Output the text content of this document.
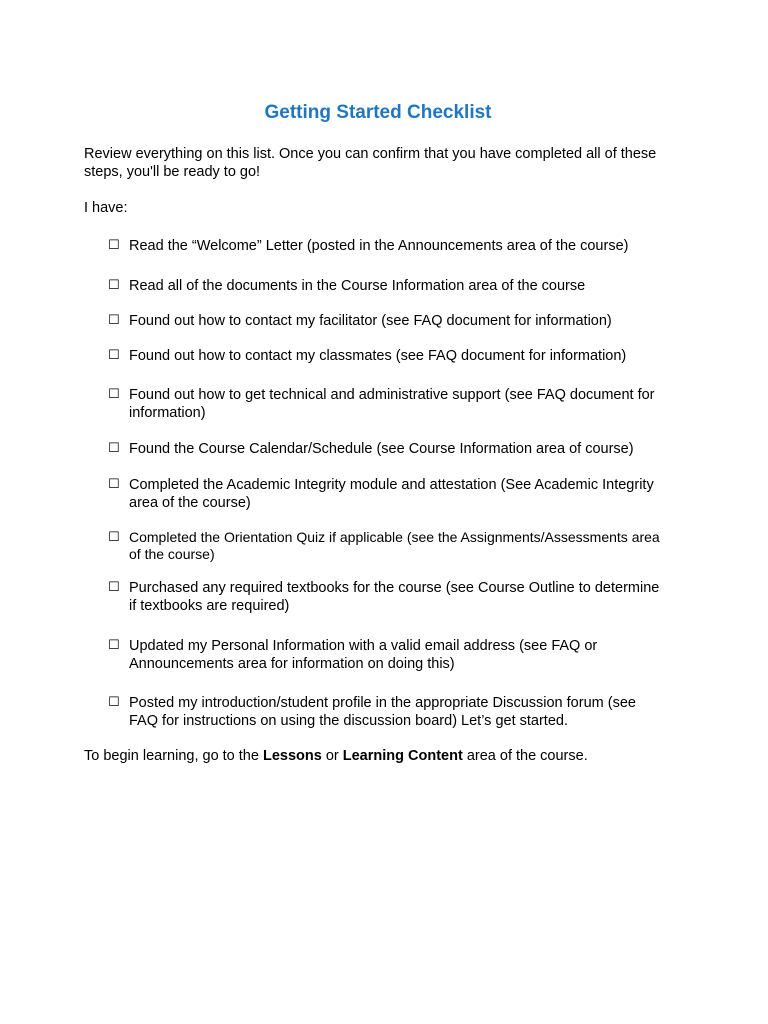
Getting Started Checklist

Review everything on this list. Once you can confirm that you have completed all of these steps, you'll be ready to go!

I have:

☐ Read the “Welcome” Letter (posted in the Announcements area of the course)
☐ Read all of the documents in the Course Information area of the course
☐ Found out how to contact my facilitator (see FAQ document for information)
☐ Found out how to contact my classmates (see FAQ document for information)
☐ Found out how to get technical and administrative support (see FAQ document for information)
☐ Found the Course Calendar/Schedule (see Course Information area of course)
☐ Completed the Academic Integrity module and attestation (See Academic Integrity area of the course)
☐ Completed the Orientation Quiz if applicable (see the Assignments/Assessments area of the course)
☐ Purchased any required textbooks for the course (see Course Outline to determine if textbooks are required)
☐ Updated my Personal Information with a valid email address (see FAQ or Announcements area for information on doing this)
☐ Posted my introduction/student profile in the appropriate Discussion forum (see FAQ for instructions on using the discussion board) Let’s get started.

To begin learning, go to the Lessons or Learning Content area of the course.
